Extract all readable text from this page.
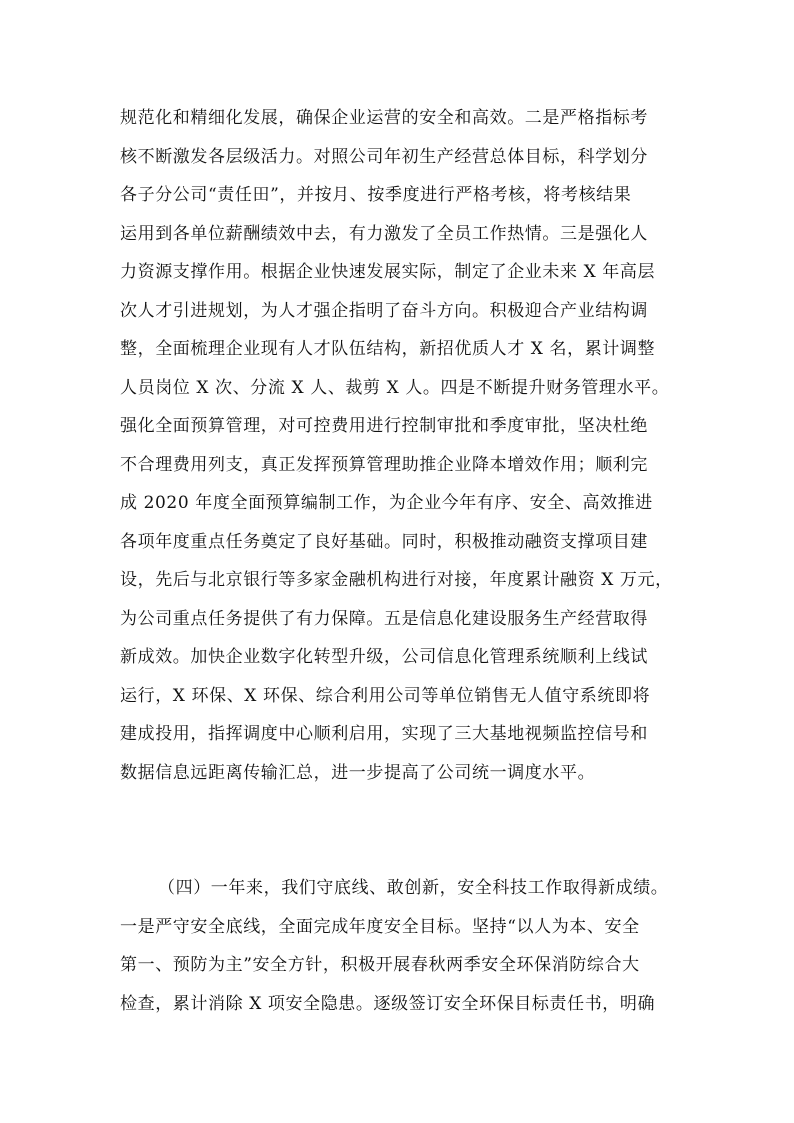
规范化和精细化发展，确保企业运营的安全和高效。二是严格指标考
核不断激发各层级活力。对照公司年初生产经营总体目标，科学划分
各子分公司“责任田”，并按月、按季度进行严格考核，将考核结果
运用到各单位薪酬绩效中去，有力激发了全员工作热情。三是强化人
力资源支撑作用。根据企业快速发展实际，制定了企业未来 X 年高层
次人才引进规划，为人才强企指明了奋斗方向。积极迎合产业结构调
整，全面梳理企业现有人才队伍结构，新招优质人才 X 名，累计调整
人员岗位 X 次、分流 X 人、裁剪 X 人。四是不断提升财务管理水平。
强化全面预算管理，对可控费用进行控制审批和季度审批，坚决杜绝
不合理费用列支，真正发挥预算管理助推企业降本增效作用；顺利完
成 2020 年度全面预算编制工作，为企业今年有序、安全、高效推进
各项年度重点任务奠定了良好基础。同时，积极推动融资支撑项目建
设，先后与北京银行等多家金融机构进行对接，年度累计融资 X 万元，
为公司重点任务提供了有力保障。五是信息化建设服务生产经营取得
新成效。加快企业数字化转型升级，公司信息化管理系统顺利上线试
运行，X 环保、X 环保、综合利用公司等单位销售无人值守系统即将
建成投用，指挥调度中心顺利启用，实现了三大基地视频监控信号和
数据信息远距离传输汇总，进一步提高了公司统一调度水平。
（四）一年来，我们守底线、敢创新，安全科技工作取得新成绩。
一是严守安全底线，全面完成年度安全目标。坚持“以人为本、安全
第一、预防为主”安全方针，积极开展春秋两季安全环保消防综合大
检查，累计消除 X 项安全隐患。逐级签订安全环保目标责任书，明确
